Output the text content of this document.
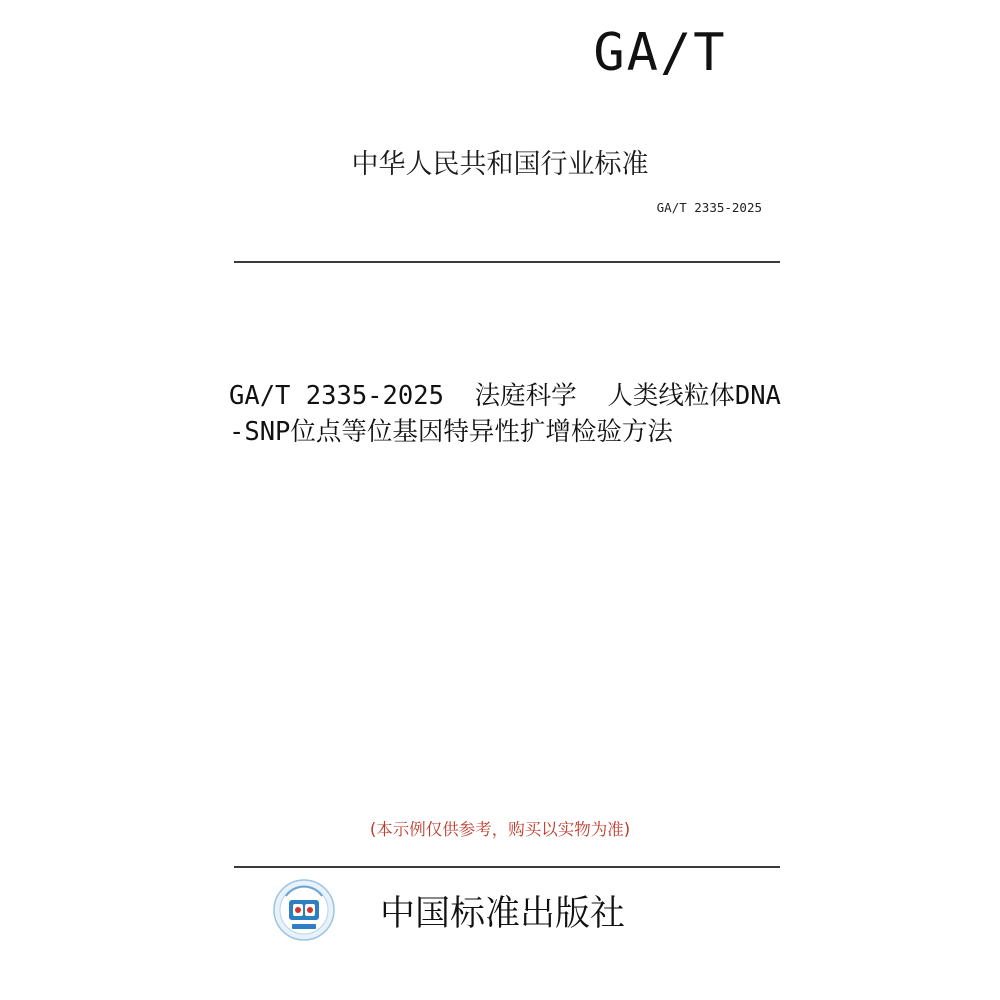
GA/T
中华人民共和国行业标准
GA/T 2335-2025
GA/T 2335-2025  法庭科学  人类线粒体DNA-SNP位点等位基因特异性扩增检验方法
(本示例仅供参考，购买以实物为准)
中国标准出版社
